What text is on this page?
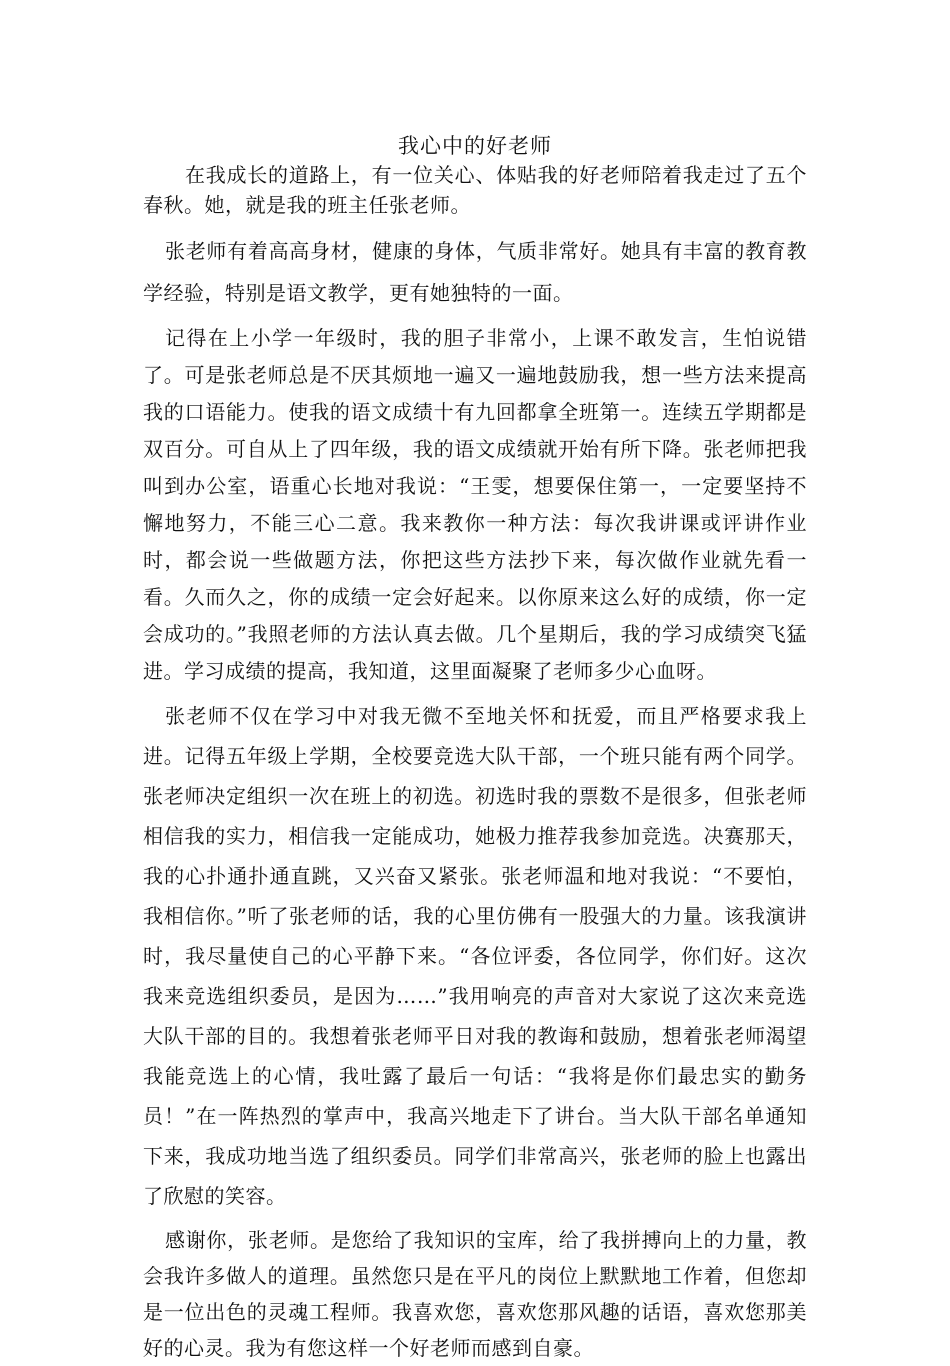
我心中的好老师

在我成长的道路上，有一位关心、体贴我的好老师陪着我走过了五个春秋。她，就是我的班主任张老师。

张老师有着高高身材，健康的身体，气质非常好。她具有丰富的教育教学经验，特别是语文教学，更有她独特的一面。

记得在上小学一年级时，我的胆子非常小，上课不敢发言，生怕说错了。可是张老师总是不厌其烦地一遍又一遍地鼓励我，想一些方法来提高我的口语能力。使我的语文成绩十有九回都拿全班第一。连续五学期都是双百分。可自从上了四年级，我的语文成绩就开始有所下降。张老师把我叫到办公室，语重心长地对我说：“王雯，想要保住第一，一定要坚持不懈地努力，不能三心二意。我来教你一种方法：每次我讲课或评讲作业时，都会说一些做题方法，你把这些方法抄下来，每次做作业就先看一看。久而久之，你的成绩一定会好起来。以你原来这么好的成绩，你一定会成功的。”我照老师的方法认真去做。几个星期后，我的学习成绩突飞猛进。学习成绩的提高，我知道，这里面凝聚了老师多少心血呀。

张老师不仅在学习中对我无微不至地关怀和抚爱，而且严格要求我上进。记得五年级上学期，全校要竞选大队干部，一个班只能有两个同学。张老师决定组织一次在班上的初选。初选时我的票数不是很多，但张老师相信我的实力，相信我一定能成功，她极力推荐我参加竞选。决赛那天，我的心扑通扑通直跳，又兴奋又紧张。张老师温和地对我说：“不要怕，我相信你。”听了张老师的话，我的心里仿佛有一股强大的力量。该我演讲时，我尽量使自己的心平静下来。“各位评委，各位同学，你们好。这次我来竞选组织委员，是因为……”我用响亮的声音对大家说了这次来竞选大队干部的目的。我想着张老师平日对我的教诲和鼓励，想着张老师渴望我能竞选上的心情，我吐露了最后一句话：“我将是你们最忠实的勤务员！”在一阵热烈的掌声中，我高兴地走下了讲台。当大队干部名单通知下来，我成功地当选了组织委员。同学们非常高兴，张老师的脸上也露出了欣慰的笑容。

感谢你，张老师。是您给了我知识的宝库，给了我拼搏向上的力量，教会我许多做人的道理。虽然您只是在平凡的岗位上默默地工作着，但您却是一位出色的灵魂工程师。我喜欢您，喜欢您那风趣的话语，喜欢您那美好的心灵。我为有您这样一个好老师而感到自豪。
